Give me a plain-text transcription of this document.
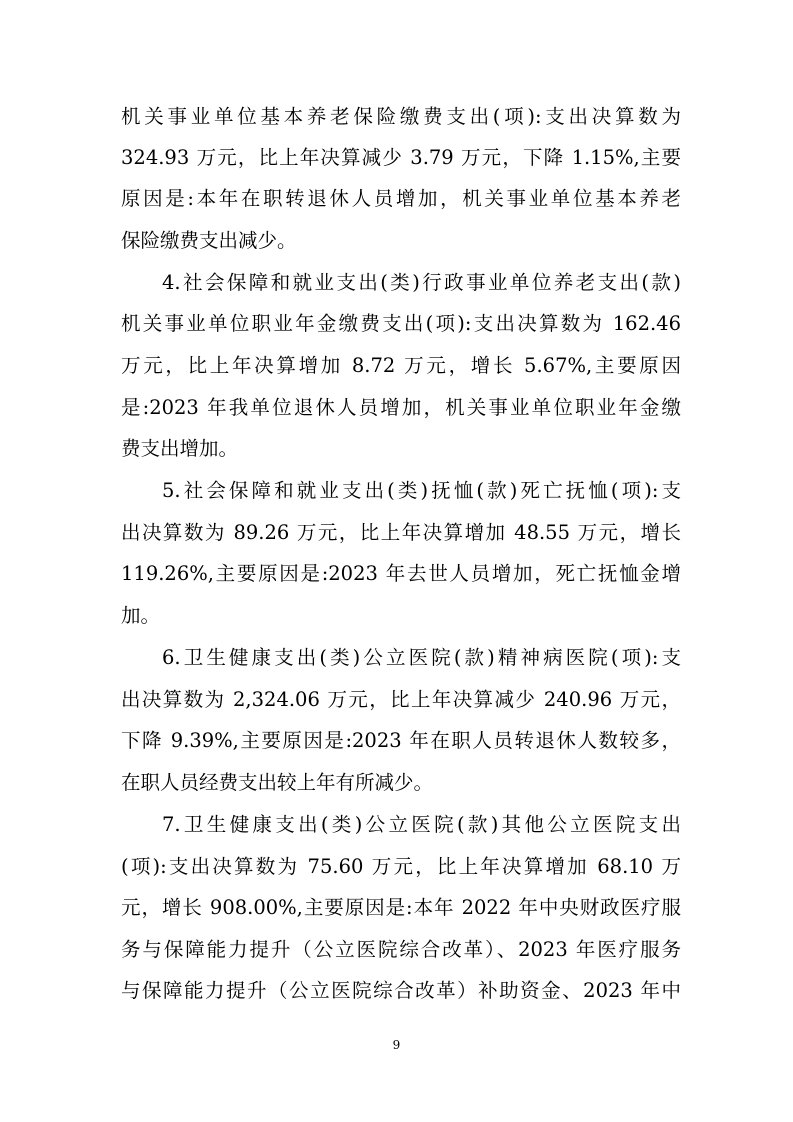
机关事业单位基本养老保险缴费支出(项):支出决算数为
324.93 万元，比上年决算减少 3.79 万元，下降 1.15%,主要
原因是:本年在职转退休人员增加，机关事业单位基本养老
保险缴费支出减少。
4.社会保障和就业支出(类)行政事业单位养老支出(款)
机关事业单位职业年金缴费支出(项):支出决算数为 162.46
万元，比上年决算增加 8.72 万元，增长 5.67%,主要原因
是:2023 年我单位退休人员增加，机关事业单位职业年金缴
费支出增加。
5.社会保障和就业支出(类)抚恤(款)死亡抚恤(项):支
出决算数为 89.26 万元，比上年决算增加 48.55 万元，增长
119.26%,主要原因是:2023 年去世人员增加，死亡抚恤金增
加。
6.卫生健康支出(类)公立医院(款)精神病医院(项):支
出决算数为 2,324.06 万元，比上年决算减少 240.96 万元，
下降 9.39%,主要原因是:2023 年在职人员转退休人数较多，
在职人员经费支出较上年有所减少。
7.卫生健康支出(类)公立医院(款)其他公立医院支出
(项):支出决算数为 75.60 万元，比上年决算增加 68.10 万
元，增长 908.00%,主要原因是:本年 2022 年中央财政医疗服
务与保障能力提升（公立医院综合改革）、2023 年医疗服务
与保障能力提升（公立医院综合改革）补助资金、2023 年中
9
